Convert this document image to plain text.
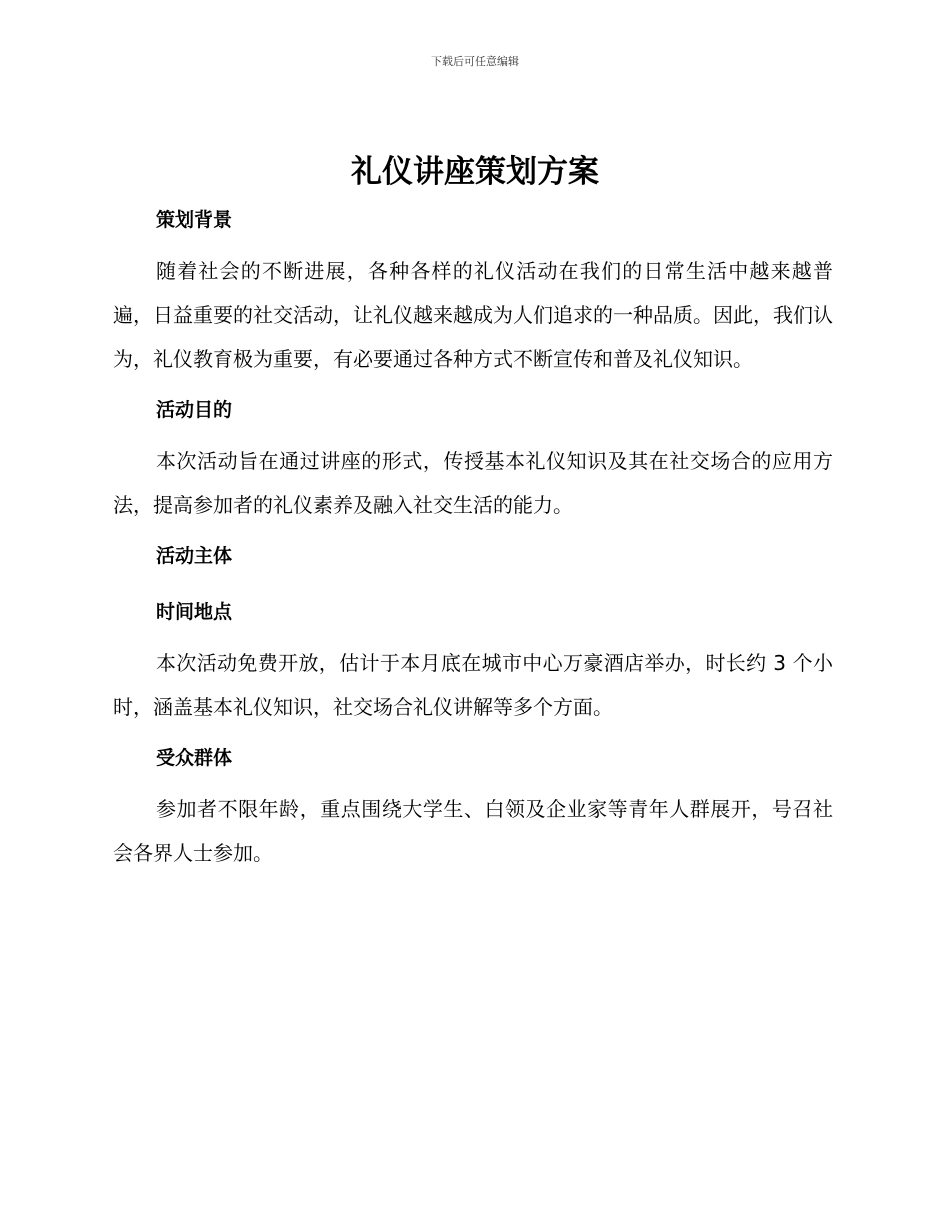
下载后可任意编辑
礼仪讲座策划方案
策划背景

随着社会的不断进展，各种各样的礼仪活动在我们的日常生活中越来越普遍，日益重要的社交活动，让礼仪越来越成为人们追求的一种品质。因此，我们认为，礼仪教育极为重要，有必要通过各种方式不断宣传和普及礼仪知识。

活动目的

本次活动旨在通过讲座的形式，传授基本礼仪知识及其在社交场合的应用方法，提高参加者的礼仪素养及融入社交生活的能力。

活动主体
时间地点

本次活动免费开放，估计于本月底在城市中心万豪酒店举办，时长约 3 个小时，涵盖基本礼仪知识，社交场合礼仪讲解等多个方面。

受众群体

参加者不限年龄，重点围绕大学生、白领及企业家等青年人群展开，号召社会各界人士参加。
